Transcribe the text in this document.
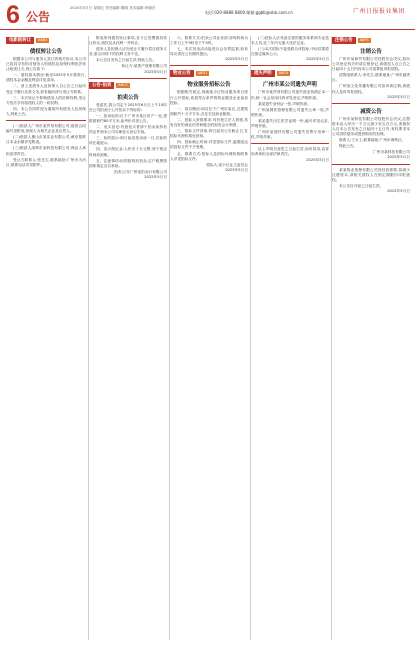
6 公告
2025年5月日 星期五 责任编辑:秦晴 美术编辑:李晓东
电话:020-8888 8800 邮箱:ggbb@xkb.com.cn	广州日报报业集团
电影院转让	A6B3
债权转让公告

根据本公司与债务人签订的相关协议,本公司已将其享有的对债务人的债权及担保权利依法转让给受让方,现公告如下:

一、债权基本情况:截至2025年5月基准日,债权本金余额及利息详见清单。

二、请上述债务人及担保人自公告之日起向受让方履行还款义务,如有疑问请与受让方联系。

三、本次转让不影响债务人的抗辩权利,受让方依法享有原债权人的一切权利。

四、本公告同时视为通知所有债务人及担保人,特此公告。

(一)借款人广州市某贸易有限公司,借款合同编号见附表,担保人为相关企业及自然人。

(二)借款人佛山市某实业有限公司,截至基准日本金余额详见附表。

(三)借款人深圳市某科技有限公司,保证人承担连带责任。

受让方联系人:张先生,联系地址:广州市天河区,联系电话详见附件。

附表所列债权转让事项,各方已签署债权转让协议,债权及从权利一并转让。

债务人及担保人应向受让方履行偿还债务义务,原合同项下的权利义务不变。

本公告自发布之日起生效,特此公告。

转让方:某资产管理有限公司
2025年5月日
公告·拍卖	A6C2
拍卖公告

受委托,我公司定于2025年6月日上午10时在公司拍卖厅公开拍卖下列标的:

一、拍卖标的:位于广州市某区房产一处,建筑面积约80平方米,参考价详见公告。

二、竞买登记:有意竞买者请于拍卖前持有效证件到本公司办理竞买登记手续。

三、标的展示:即日起至拍卖前一日,在标的所在地展示。

四、竞买保证金:人民币十万元整,须于规定时间前到账。

五、注意事项:标的按现状拍卖,过户税费按国家规定各自承担。

拍卖公司:广州某拍卖行有限公司
2025年5月日

六、联系方式:拍卖公司业务部,咨询时间为工作日上午9时至下午5时。

七、本次拍卖活动接受社会各界监督,如有异议请在公告期内提出。

2025年5月日
物业公告	A6D1
物业服务招标公告

根据相关规定,现就某小区物业服务项目进行公开招标,欢迎符合条件的物业服务企业参加投标。

一、项目概况:项目位于广州市某区,总建筑面积约十万平方米,含住宅及商业配套。

二、投标人资格要求:具有独立法人资格,具有良好的商业信誉和健全的财务会计制度。

三、招标文件获取:即日起至公告截止日,在招标代理机构处获取。

四、投标截止时间:详见招标文件,逾期送达的投标文件不予受理。

五、联系方式:招标人及招标代理机构联系人详见招标文件。

招标人:某小区业主委员会
2025年5月日

(二)投标人应具备完善的服务体系和专业技术人员,近三年内无重大违法记录。

(三)本次招标不接受联合体投标,中标结果将在指定媒体公示。

2025年5月日
遗失声明	A6E4
广州市某公司遗失声明

广州市某贸易有限公司遗失营业执照正本一份,统一社会信用代码详见登记,声明作废。

某某遗失身份证一张,声明作废。

广州某餐饮管理有限公司遗失公章一枚,声明作废。

某某遗失出生医学证明一份,编号详见记录,声明作废。

广州市某建材有限公司遗失发票专用章一枚,声明作废。

以上声明自登报之日起生效,如有冒用,由冒用者承担全部法律责任。

2025年5月日
注销公告	A6F5
注销公告

广州市某商贸有限公司经股东会决议,拟向公司登记机关申请注销登记,请债权人自公告之日起四十五日内向本公司清算组申报债权。

清算组联系人:李先生,联系地址:广州市越秀区。

广州某文化传播有限公司拟申请注销,请债权人及时申报债权。

2025年5月日
减资公告

广州市某科技有限公司经股东会决议,注册资本由人民币一千万元减少至五百万元,请债权人自本公告发布之日起四十五日内,有权要求本公司清偿债务或提供相应的担保。

联系人:王女士,联系地址:广州市海珠区。

特此公告。

广州市某科技有限公司
2025年5月日

某某物业管理有限公司因经营需要,拟减少注册资本,请相关债权人在规定期限内申报债权。

本公告自刊登之日起生效。

2025年5月日
